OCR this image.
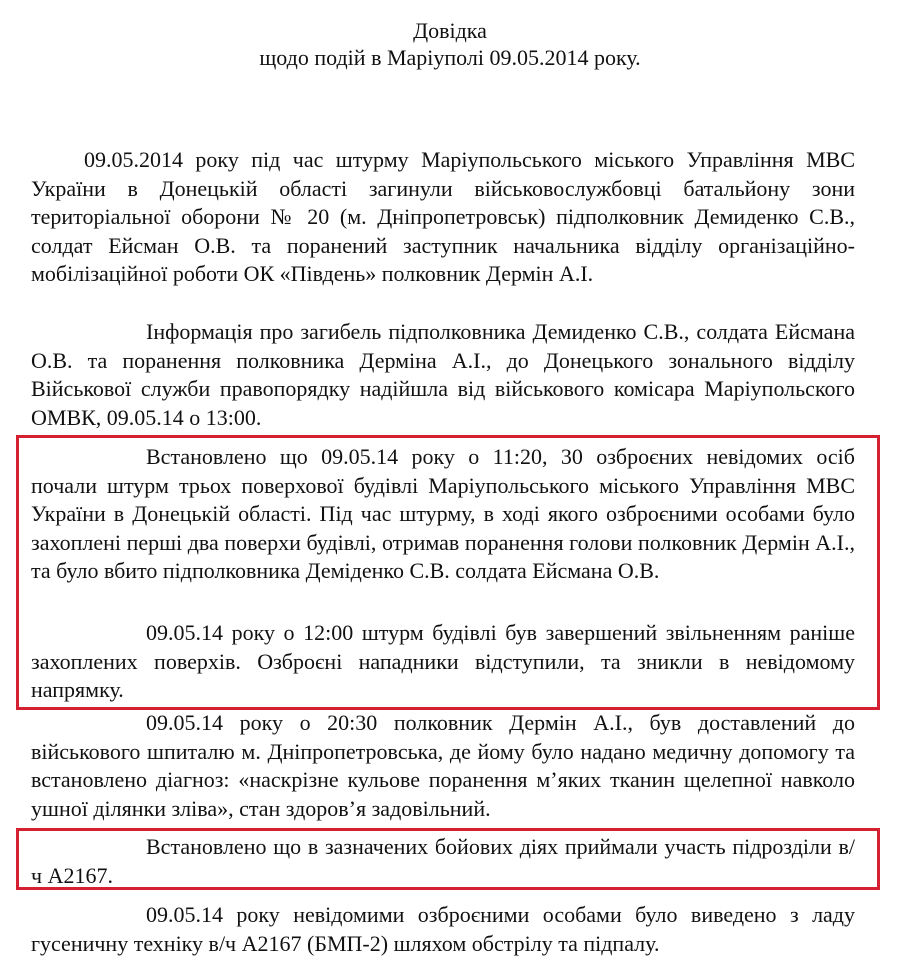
Довідка
щодо подій в Маріуполі 09.05.2014 року.

09.05.2014 року під час штурму Маріупольського міського Управління МВС України в Донецькій області загинули військовослужбовці батальйону зони територіальної оборони № 20 (м. Дніпропетровськ) підполковник Демиденко С.В., солдат Ейсман О.В. та поранений заступник начальника відділу організаційно-мобілізаційної роботи ОК «Південь» полковник Дермін А.І.

Інформація про загибель підполковника Демиденко С.В., солдата Ейсмана О.В. та поранення полковника Дерміна А.І., до Донецького зонального відділу Військової служби правопорядку надійшла від військового комісара Маріупольского ОМВК, 09.05.14 о 13:00.

Встановлено що 09.05.14 року о 11:20, 30 озброєних невідомих осіб почали штурм трьох поверхової будівлі Маріупольського міського Управління МВС України в Донецькій області. Під час штурму, в ході якого озброєними особами було захоплені перші два поверхи будівлі, отримав поранення голови полковник Дермін А.І., та було вбито підполковника Деміденко С.В. солдата Ейсмана О.В.

09.05.14 року о 12:00 штурм будівлі був завершений звільненням раніше захоплених поверхів. Озброєні нападники відступили, та зникли в невідомому напрямку.

09.05.14 року о 20:30 полковник Дермін А.І., був доставлений до військового шпиталю м. Дніпропетровська, де йому було надано медичну допомогу та встановлено діагноз: «наскрізне кульове поранення м’яких тканин щелепної навколо ушної ділянки зліва», стан здоров’я задовільний.

Встановлено що в зазначених бойових діях приймали участь підрозділи в/ч А2167.

09.05.14 року невідомими озброєними особами було виведено з ладу гусеничну техніку в/ч А2167 (БМП-2) шляхом обстрілу та підпалу.
